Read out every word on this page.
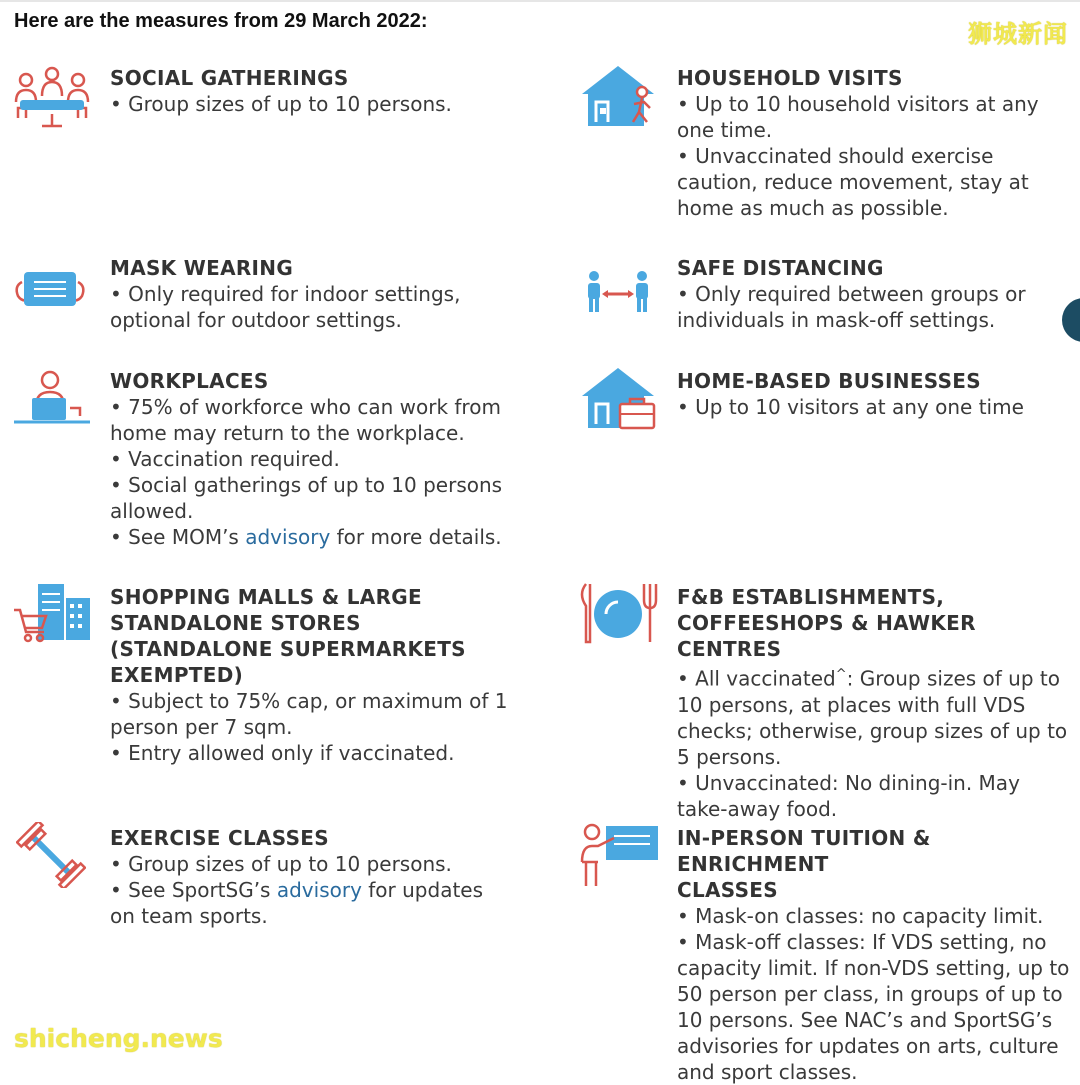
Here are the measures from 29 March 2022:	狮城新闻
SOCIAL GATHERINGS
• Group sizes of up to 10 persons.
HOUSEHOLD VISITS
• Up to 10 household visitors at any
one time.
• Unvaccinated should exercise
caution, reduce movement, stay at
home as much as possible.
MASK WEARING
• Only required for indoor settings,
optional for outdoor settings.
SAFE DISTANCING
• Only required between groups or
individuals in mask-off settings.
WORKPLACES
• 75% of workforce who can work from
home may return to the workplace.
• Vaccination required.
• Social gatherings of up to 10 persons
allowed.
• See MOM’s advisory for more details.
HOME-BASED BUSINESSES
• Up to 10 visitors at any one time
SHOPPING MALLS & LARGE
STANDALONE STORES
(STANDALONE SUPERMARKETS
EXEMPTED)
• Subject to 75% cap, or maximum of 1
person per 7 sqm.
• Entry allowed only if vaccinated.
F&B ESTABLISHMENTS,
COFFEESHOPS & HAWKER CENTRES
• All vaccinated^: Group sizes of up to
10 persons, at places with full VDS
checks; otherwise, group sizes of up to
5 persons.
• Unvaccinated: No dining-in. May
take-away food.
EXERCISE CLASSES
• Group sizes of up to 10 persons.
• See SportSG’s advisory for updates
on team sports.
IN-PERSON TUITION & ENRICHMENT
CLASSES
• Mask-on classes: no capacity limit.
• Mask-off classes: If VDS setting, no
capacity limit. If non-VDS setting, up to
50 person per class, in groups of up to
10 persons. See NAC’s and SportSG’s
advisories for updates on arts, culture
and sport classes.
shicheng.news
